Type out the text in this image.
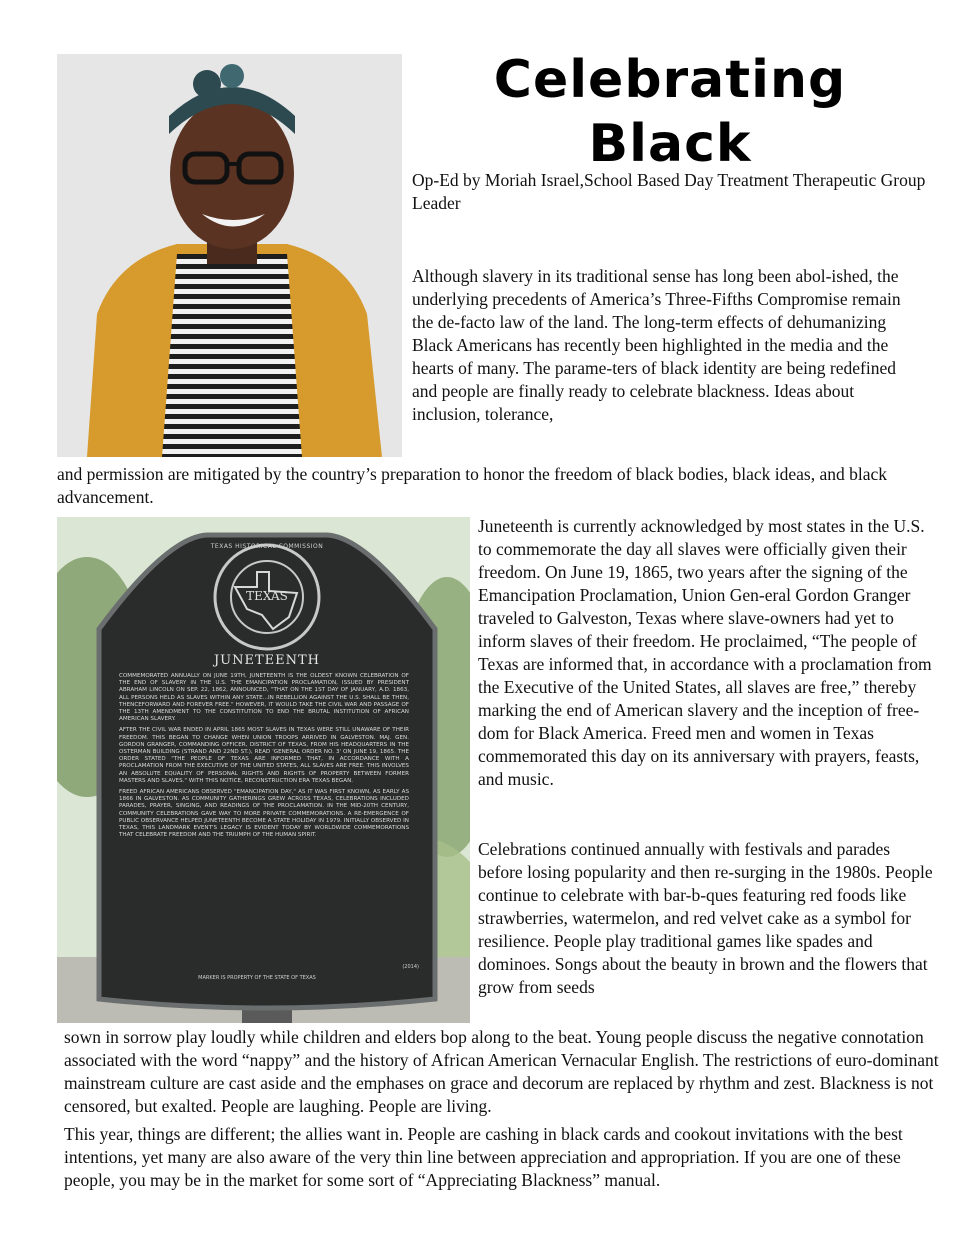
Celebrating
Black

Op-Ed by Moriah Israel,School Based Day Treatment Therapeutic Group Leader

Although slavery in its traditional sense has long been abol-ished, the underlying precedents of America’s Three-Fifths Compromise remain the de-facto law of the land. The long-term effects of dehumanizing Black Americans has recently been highlighted in the media and the hearts of many. The parame-ters of black identity are being redefined and people are finally ready to celebrate blackness. Ideas about inclusion, tolerance,

and permission are mitigated by the country’s preparation to honor the freedom of black bodies, black ideas, and black advancement.

TEXAS HISTORICAL COMMISSION
TEXAS
JUNETEENTH

COMMEMORATED ANNUALLY ON JUNE 19TH, JUNETEENTH IS THE OLDEST KNOWN CELEBRATION OF THE END OF SLAVERY IN THE U.S. THE EMANCIPATION PROCLAMATION, ISSUED BY PRESIDENT ABRAHAM LINCOLN ON SEP. 22, 1862, ANNOUNCED, "THAT ON THE 1ST DAY OF JANUARY, A.D. 1863, ALL PERSONS HELD AS SLAVES WITHIN ANY STATE...IN REBELLION AGAINST THE U.S. SHALL BE THEN, THENCEFORWARD AND FOREVER FREE." HOWEVER, IT WOULD TAKE THE CIVIL WAR AND PASSAGE OF THE 13TH AMENDMENT TO THE CONSTITUTION TO END THE BRUTAL INSTITUTION OF AFRICAN AMERICAN SLAVERY.

AFTER THE CIVIL WAR ENDED IN APRIL 1865 MOST SLAVES IN TEXAS WERE STILL UNAWARE OF THEIR FREEDOM. THIS BEGAN TO CHANGE WHEN UNION TROOPS ARRIVED IN GALVESTON. MAJ. GEN. GORDON GRANGER, COMMANDING OFFICER, DISTRICT OF TEXAS, FROM HIS HEADQUARTERS IN THE OSTERMAN BUILDING (STRAND AND 22ND ST.), READ 'GENERAL ORDER NO. 3' ON JUNE 19, 1865. THE ORDER STATED "THE PEOPLE OF TEXAS ARE INFORMED THAT, IN ACCORDANCE WITH A PROCLAMATION FROM THE EXECUTIVE OF THE UNITED STATES, ALL SLAVES ARE FREE. THIS INVOLVES AN ABSOLUTE EQUALITY OF PERSONAL RIGHTS AND RIGHTS OF PROPERTY BETWEEN FORMER MASTERS AND SLAVES." WITH THIS NOTICE, RECONSTRUCTION ERA TEXAS BEGAN.

FREED AFRICAN AMERICANS OBSERVED "EMANCIPATION DAY," AS IT WAS FIRST KNOWN, AS EARLY AS 1866 IN GALVESTON. AS COMMUNITY GATHERINGS GREW ACROSS TEXAS, CELEBRATIONS INCLUDED PARADES, PRAYER, SINGING, AND READINGS OF THE PROCLAMATION. IN THE MID-20TH CENTURY, COMMUNITY CELEBRATIONS GAVE WAY TO MORE PRIVATE COMMEMORATIONS. A RE-EMERGENCE OF PUBLIC OBSERVANCE HELPED JUNETEENTH BECOME A STATE HOLIDAY IN 1979. INITIALLY OBSERVED IN TEXAS, THIS LANDMARK EVENT'S LEGACY IS EVIDENT TODAY BY WORLDWIDE COMMEMORATIONS THAT CELEBRATE FREEDOM AND THE TRIUMPH OF THE HUMAN SPIRIT.

MARKER IS PROPERTY OF THE STATE OF TEXAS
(2014)

Juneteenth is currently acknowledged by most states in the U.S. to commemorate the day all slaves were officially given their freedom. On June 19, 1865, two years after the signing of the Emancipation Proclamation, Union Gen-eral Gordon Granger traveled to Galveston, Texas where slave-owners had yet to inform slaves of their freedom. He proclaimed, “The people of Texas are informed that, in accordance with a proclamation from the Executive of the United States, all slaves are free,” thereby marking the end of American slavery and the inception of free-dom for Black America. Freed men and women in Texas commemorated this day on its anniversary with prayers, feasts, and music.

Celebrations continued annually with festivals and parades before losing popularity and then re-surging in the 1980s. People continue to celebrate with bar-b-ques featuring red foods like strawberries, watermelon, and red velvet cake as a symbol for resilience. People play traditional games like spades and dominoes. Songs about the beauty in brown and the flowers that grow from seeds

sown in sorrow play loudly while children and elders bop along to the beat. Young people discuss the negative connotation associated with the word “nappy” and the history of African American Vernacular English. The restrictions of euro-dominant mainstream culture are cast aside and the emphases on grace and decorum are replaced by rhythm and zest. Blackness is not censored, but exalted. People are laughing. People are living.

This year, things are different; the allies want in. People are cashing in black cards and cookout invitations with the best intentions, yet many are also aware of the very thin line between appreciation and appropriation. If you are one of these people, you may be in the market for some sort of “Appreciating Blackness” manual.
